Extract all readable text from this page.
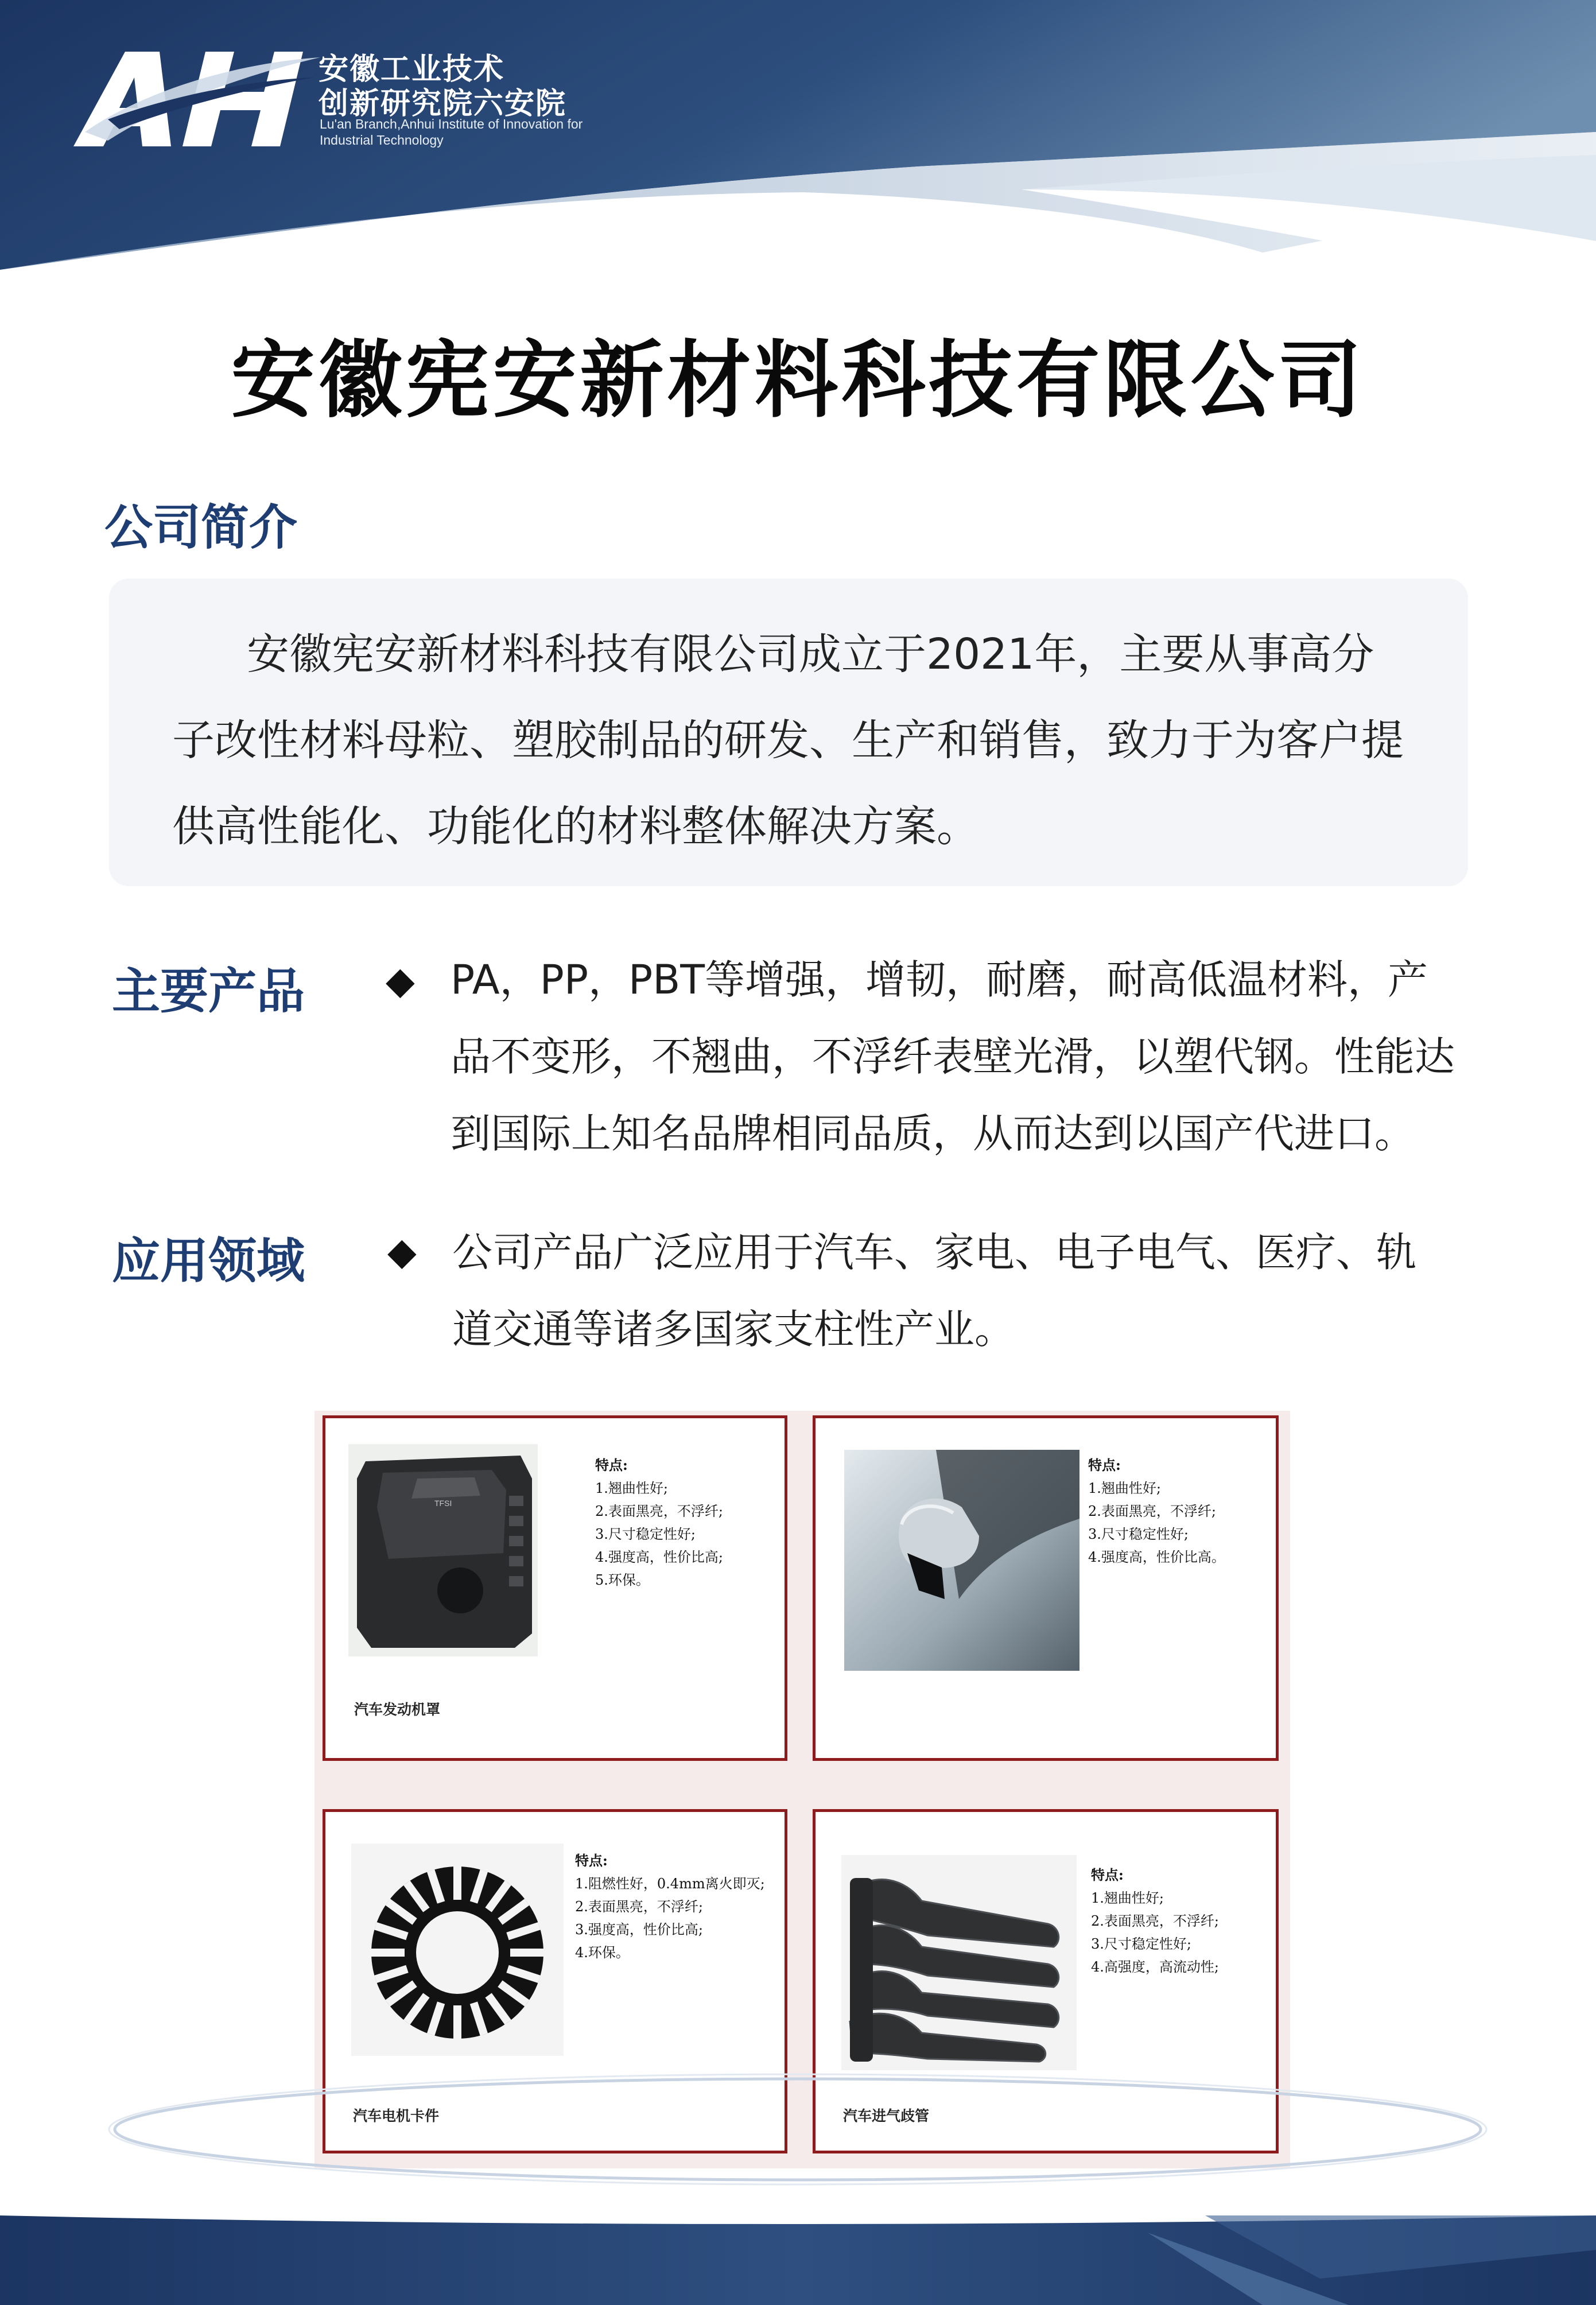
安徽工业技术
创新研究院六安院
Lu'an Branch,Anhui Institute of Innovation for
Industrial Technology
安徽宪安新材料科技有限公司
公司简介
安徽宪安新材料科技有限公司成立于2021年，主要从事高分子改性材料母粒、塑胶制品的研发、生产和销售，致力于为客户提供高性能化、功能化的材料整体解决方案。
主要产品 ◆ PA，PP，PBT等增强，增韧，耐磨，耐高低温材料，产品不变形，不翘曲，不浮纤表壁光滑，以塑代钢。性能达到国际上知名品牌相同品质，从而达到以国产代进口。
应用领域 ◆ 公司产品广泛应用于汽车、家电、电子电气、医疗、轨道交通等诸多国家支柱性产业。
TFSI
特点:
1.翘曲性好;
2.表面黑亮，不浮纤;
3.尺寸稳定性好;
4.强度高，性价比高;
5.环保。
汽车发动机罩
特点:
1.翘曲性好;
2.表面黑亮，不浮纤;
3.尺寸稳定性好;
4.强度高，性价比高。
特点:
1.阻燃性好，0.4mm离火即灭;
2.表面黑亮，不浮纤;
3.强度高，性价比高;
4.环保。
汽车电机卡件
特点:
1.翘曲性好;
2.表面黑亮，不浮纤;
3.尺寸稳定性好;
4.高强度，高流动性;
汽车进气歧管
